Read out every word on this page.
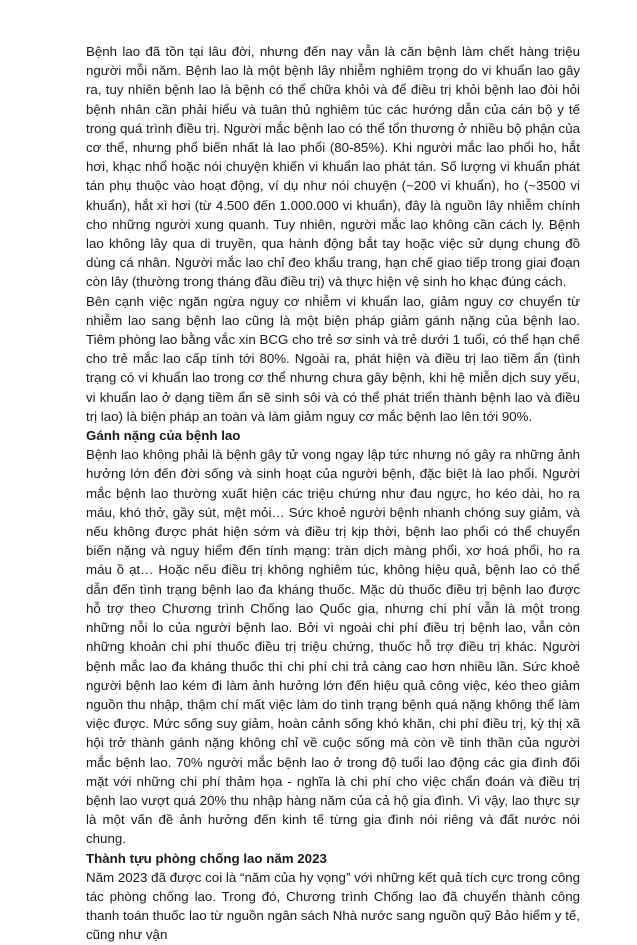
Bệnh lao đã tồn tại lâu đời, nhưng đến nay vẫn là căn bệnh làm chết hàng triệu người mỗi năm. Bệnh lao là một bệnh lây nhiễm nghiêm trọng do vi khuẩn lao gây ra, tuy nhiên bệnh lao là bệnh có thể chữa khỏi và để điều trị khỏi bệnh lao đòi hỏi bệnh nhân cần phải hiểu và tuân thủ nghiêm túc các hướng dẫn của cán bộ y tế trong quá trình điều trị. Người mắc bệnh lao có thể tổn thương ở nhiều bộ phận của cơ thể, nhưng phổ biến nhất là lao phổi (80-85%). Khi người mắc lao phổi ho, hắt hơi, khạc nhổ hoặc nói chuyện khiến vi khuẩn lao phát tán. Số lượng vi khuẩn phát tán phụ thuộc vào hoạt động, ví dụ như nói chuyện (~200 vi khuẩn), ho (~3500 vi khuẩn), hắt xì hơi (từ 4.500 đến 1.000.000 vi khuẩn), đây là nguồn lây nhiễm chính cho những người xung quanh. Tuy nhiên, người mắc lao không cần cách ly. Bệnh lao không lây qua di truyền, qua hành động bắt tay hoặc việc sử dụng chung đồ dùng cá nhân. Người mắc lao chỉ đeo khẩu trang, hạn chế giao tiếp trong giai đoạn còn lây (thường trong tháng đầu điều trị) và thực hiện vệ sinh ho khạc đúng cách.

Bên cạnh việc ngăn ngừa nguy cơ nhiễm vi khuẩn lao, giảm nguy cơ chuyển từ nhiễm lao sang bệnh lao cũng là một biện pháp giảm gánh nặng của bệnh lao. Tiêm phòng lao bằng vắc xin BCG cho trẻ sơ sinh và trẻ dưới 1 tuổi, có thể hạn chế cho trẻ mắc lao cấp tính tới 80%. Ngoài ra, phát hiện và điều trị lao tiềm ẩn (tình trạng có vi khuẩn lao trong cơ thể nhưng chưa gây bệnh, khi hệ miễn dịch suy yếu, vi khuẩn lao ở dạng tiềm ẩn sẽ sinh sôi và có thể phát triển thành bệnh lao và điều trị lao) là biện pháp an toàn và làm giảm nguy cơ mắc bệnh lao lên tới 90%.

Gánh nặng của bệnh lao

Bệnh lao không phải là bệnh gây tử vong ngay lập tức nhưng nó gây ra những ảnh hưởng lớn đến đời sống và sinh hoạt của người bệnh, đặc biệt là lao phổi. Người mắc bệnh lao thường xuất hiện các triệu chứng như đau ngực, ho kéo dài, ho ra máu, khó thở, gầy sút, mệt mỏi… Sức khoẻ người bệnh nhanh chóng suy giảm, và nếu không được phát hiện sớm và điều trị kịp thời, bệnh lao phổi có thể chuyển biến nặng và nguy hiểm đến tính mạng: tràn dịch màng phổi, xơ hoá phổi, ho ra máu ồ ạt… Hoặc nếu điều trị không nghiêm túc, không hiệu quả, bệnh lao có thể dẫn đến tình trạng bệnh lao đa kháng thuốc. Mặc dù thuốc điều trị bệnh lao được hỗ trợ theo Chương trình Chống lao Quốc gia, nhưng chi phí vẫn là một trong những nỗi lo của người bệnh lao. Bởi vì ngoài chi phí điều trị bệnh lao, vẫn còn những khoản chi phí thuốc điều trị triệu chứng, thuốc hỗ trợ điều trị khác. Người bệnh mắc lao đa kháng thuốc thì chi phí chi trả càng cao hơn nhiều lần. Sức khoẻ người bệnh lao kém đi làm ảnh hưởng lớn đến hiệu quả công việc, kéo theo giảm nguồn thu nhập, thậm chí mất việc làm do tình trạng bệnh quá nặng không thể làm việc được. Mức sống suy giảm, hoàn cảnh sống khó khăn, chi phí điều trị, kỳ thị xã hội trở thành gánh nặng không chỉ về cuộc sống mà còn về tinh thần của người mắc bệnh lao. 70% người mắc bệnh lao ở trong độ tuổi lao động các gia đình đối mặt với những chi phí thảm họa - nghĩa là chi phí cho việc chẩn đoán và điều trị bệnh lao vượt quá 20% thu nhập hàng năm của cả hộ gia đình. Vì vậy, lao thực sự là một vấn đề ảnh hưởng đến kinh tế từng gia đình nói riêng và đất nước nói chung.

Thành tựu phòng chống lao năm 2023

Năm 2023 đã được coi là “năm của hy vọng” với những kết quả tích cực trong công tác phòng chống lao. Trong đó, Chương trình Chống lao đã chuyển thành công thanh toán thuốc lao từ nguồn ngân sách Nhà nước sang nguồn quỹ Bảo hiểm y tế, cũng như vận
